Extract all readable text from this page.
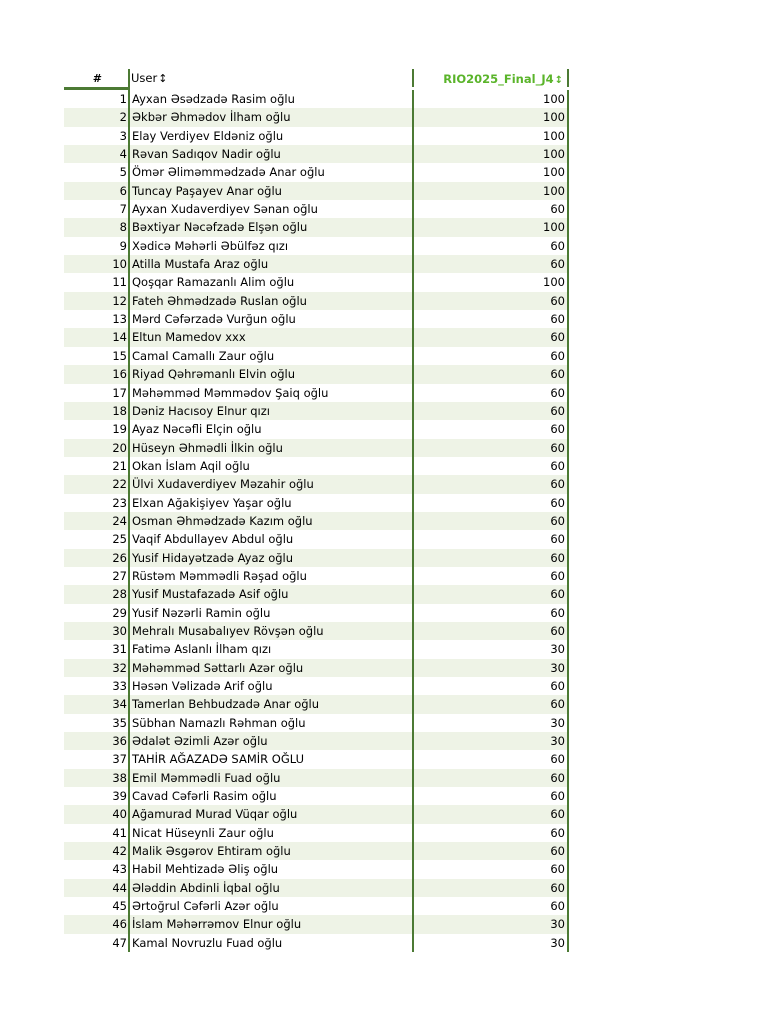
#	User↕	RIO2025_Final_J4↕
1 Ayxan Əsədzadə Rasim oğlu	100
2 Əkbər Əhmədov İlham oğlu	100
3 Elay Verdiyev Eldəniz oğlu	100
4 Rəvan Sadıqov Nadir oğlu	100
5 Ömər Əliməmmədzadə Anar oğlu	100
6 Tuncay Paşayev Anar oğlu	100
7 Ayxan Xudaverdiyev Sənan oğlu	60
8 Bəxtiyar Nəcəfzadə Elşən oğlu	100
9 Xədicə Məhərli Əbülfəz qızı	60
10 Atilla Mustafa Araz oğlu	60
11 Qoşqar Ramazanlı Alim oğlu	100
12 Fateh Əhmədzadə Ruslan oğlu	60
13 Mərd Cəfərzadə Vurğun oğlu	60
14 Eltun Mamedov xxx	60
15 Camal Camallı Zaur oğlu	60
16 Riyad Qəhrəmanlı Elvin oğlu	60
17 Məhəmməd Məmmədov Şaiq oğlu	60
18 Dəniz Hacısoy Elnur qızı	60
19 Ayaz Nəcəfli Elçin oğlu	60
20 Hüseyn Əhmədli İlkin oğlu	60
21 Okan İslam Aqil oğlu	60
22 Ülvi Xudaverdiyev Məzahir oğlu	60
23 Elxan Ağakişiyev Yaşar oğlu	60
24 Osman Əhmədzadə Kazım oğlu	60
25 Vaqif Abdullayev Abdul oğlu	60
26 Yusif Hidayətzadə Ayaz oğlu	60
27 Rüstəm Məmmədli Rəşad oğlu	60
28 Yusif Mustafazadə Asif oğlu	60
29 Yusif Nəzərli Ramin oğlu	60
30 Mehralı Musabalıyev Rövşən oğlu	60
31 Fatimə Aslanlı İlham qızı	30
32 Məhəmməd Səttarlı Azər oğlu	30
33 Həsən Vəlizadə Arif oğlu	60
34 Tamerlan Behbudzadə Anar oğlu	60
35 Sübhan Namazlı Rəhman oğlu	30
36 Ədalət Əzimli Azər oğlu	30
37 TAHİR AĞAZADƏ SAMİR OĞLU	60
38 Emil Məmmədli Fuad oğlu	60
39 Cavad Cəfərli Rasim oğlu	60
40 Ağamurad Murad Vüqar oğlu	60
41 Nicat Hüseynli Zaur oğlu	60
42 Malik Əsgərov Ehtiram oğlu	60
43 Habil Mehtizadə Əliş oğlu	60
44 Ələddin Abdinli İqbal oğlu	60
45 Ərtoğrul Cəfərli Azər oğlu	60
46 İslam Məhərrəmov Elnur oğlu	30
47 Kamal Novruzlu Fuad oğlu	30
